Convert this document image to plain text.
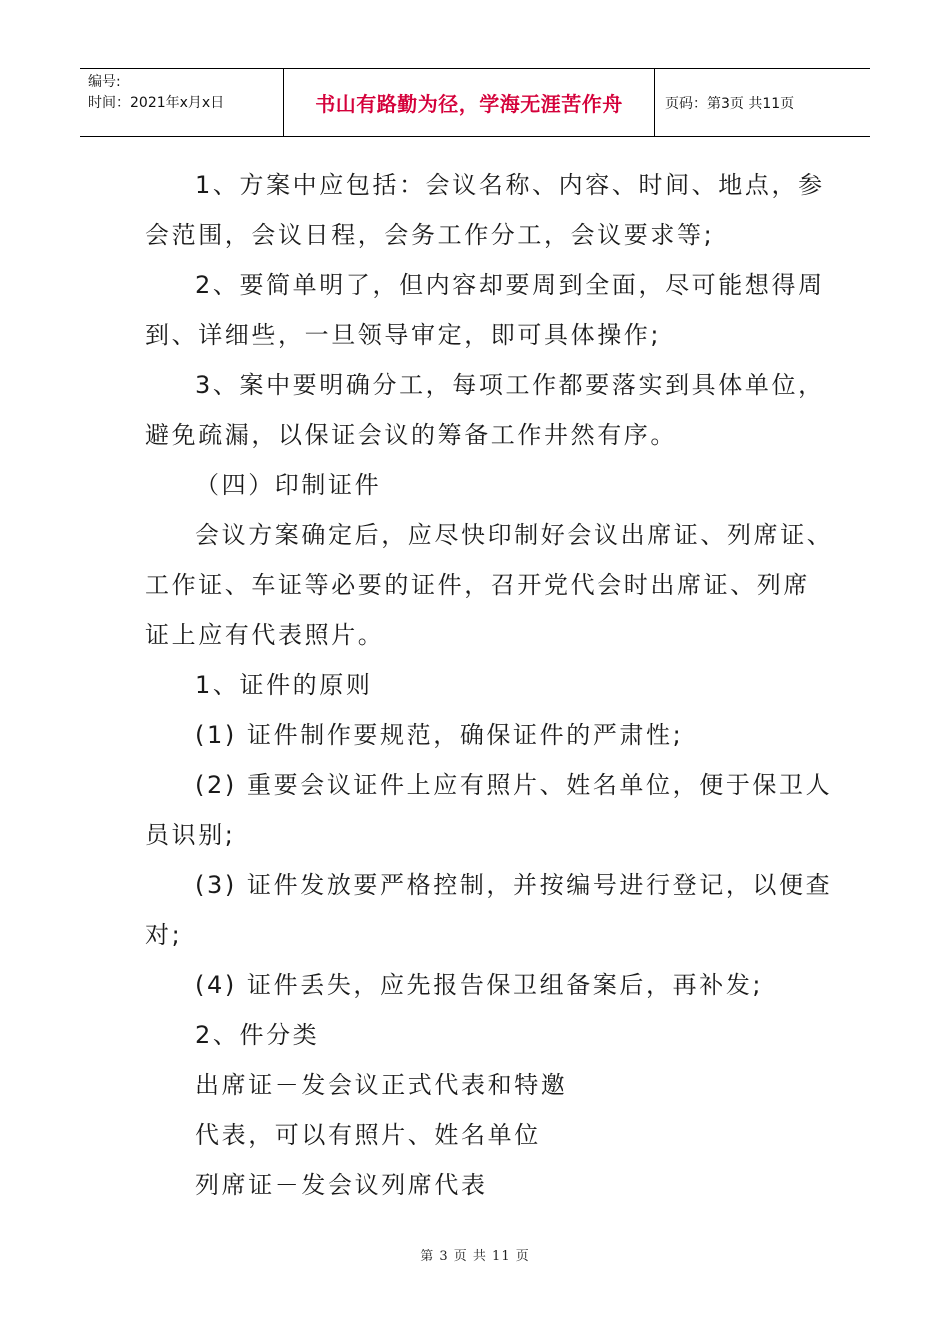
编号:
时间：2021年x月x日	书山有路勤为径，学海无涯苦作舟	页码：第3页 共11页
1、方案中应包括：会议名称、内容、时间、地点，参
会范围，会议日程，会务工作分工，会议要求等;
2、要简单明了，但内容却要周到全面，尽可能想得周
到、详细些，一旦领导审定，即可具体操作;
3、案中要明确分工，每项工作都要落实到具体单位，
避免疏漏，以保证会议的筹备工作井然有序。
（四）印制证件
会议方案确定后，应尽快印制好会议出席证、列席证、
工作证、车证等必要的证件，召开党代会时出席证、列席
证上应有代表照片。
1、证件的原则
(1) 证件制作要规范，确保证件的严肃性;
(2) 重要会议证件上应有照片、姓名单位，便于保卫人
员识别;
(3) 证件发放要严格控制，并按编号进行登记，以便查
对;
(4) 证件丢失，应先报告保卫组备案后，再补发;
2、件分类
出席证－发会议正式代表和特邀
代表，可以有照片、姓名单位
列席证－发会议列席代表
第 3 页 共 11 页
